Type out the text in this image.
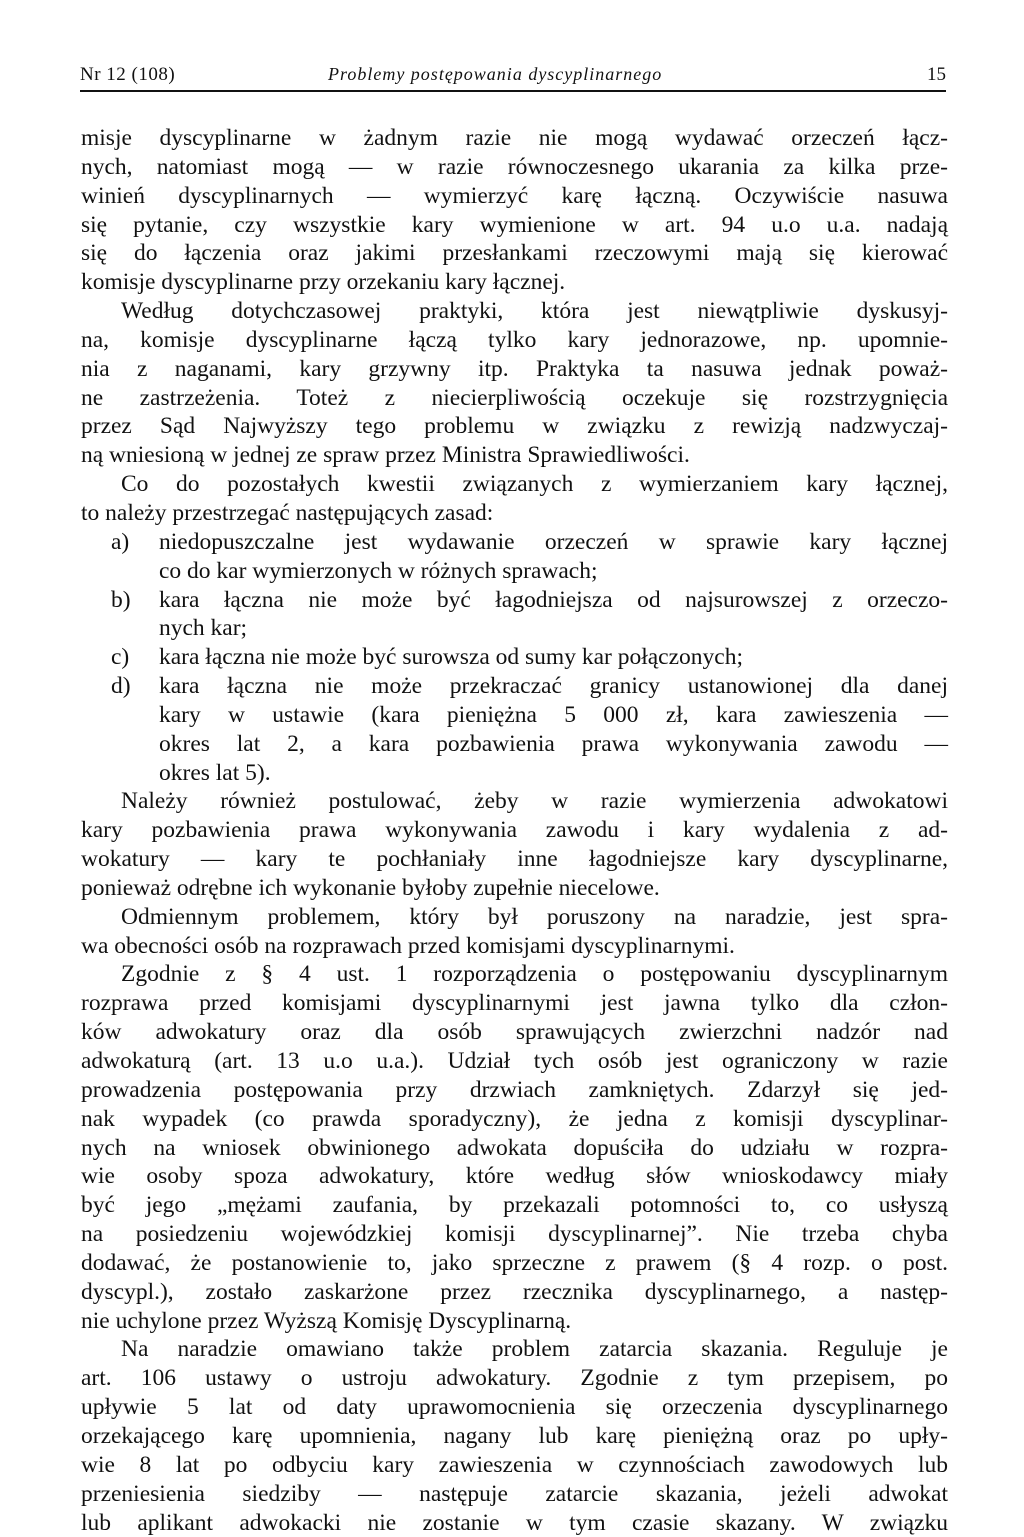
Nr 12 (108)	Problemy postępowania dyscyplinarnego	15
misje dyscyplinarne w żadnym razie nie mogą wydawać orzeczeń łącz-
nych, natomiast mogą — w razie równoczesnego ukarania za kilka prze-
winień dyscyplinarnych — wymierzyć karę łączną. Oczywiście nasuwa
się pytanie, czy wszystkie kary wymienione w art. 94 u.o u.a. nadają
się do łączenia oraz jakimi przesłankami rzeczowymi mają się kierować
komisje dyscyplinarne przy orzekaniu kary łącznej.
Według dotychczasowej praktyki, która jest niewątpliwie dyskusyj-
na, komisje dyscyplinarne łączą tylko kary jednorazowe, np. upomnie-
nia z naganami, kary grzywny itp. Praktyka ta nasuwa jednak poważ-
ne zastrzeżenia. Toteż z niecierpliwością oczekuje się rozstrzygnięcia
przez Sąd Najwyższy tego problemu w związku z rewizją nadzwyczaj-
ną wniesioną w jednej ze spraw przez Ministra Sprawiedliwości.
Co do pozostałych kwestii związanych z wymierzaniem kary łącznej,
to należy przestrzegać następujących zasad:
a) niedopuszczalne jest wydawanie orzeczeń w sprawie kary łącznej
co do kar wymierzonych w różnych sprawach;
b) kara łączna nie może być łagodniejsza od najsurowszej z orzeczo-
nych kar;
c) kara łączna nie może być surowsza od sumy kar połączonych;
d) kara łączna nie może przekraczać granicy ustanowionej dla danej
kary w ustawie (kara pieniężna 5 000 zł, kara zawieszenia —
okres lat 2, a kara pozbawienia prawa wykonywania zawodu —
okres lat 5).
Należy również postulować, żeby w razie wymierzenia adwokatowi
kary pozbawienia prawa wykonywania zawodu i kary wydalenia z ad-
wokatury — kary te pochłaniały inne łagodniejsze kary dyscyplinarne,
ponieważ odrębne ich wykonanie byłoby zupełnie niecelowe.
Odmiennym problemem, który był poruszony na naradzie, jest spra-
wa obecności osób na rozprawach przed komisjami dyscyplinarnymi.
Zgodnie z § 4 ust. 1 rozporządzenia o postępowaniu dyscyplinarnym
rozprawa przed komisjami dyscyplinarnymi jest jawna tylko dla człon-
ków adwokatury oraz dla osób sprawujących zwierzchni nadzór nad
adwokaturą (art. 13 u.o u.a.). Udział tych osób jest ograniczony w razie
prowadzenia postępowania przy drzwiach zamkniętych. Zdarzył się jed-
nak wypadek (co prawda sporadyczny), że jedna z komisji dyscyplinar-
nych na wniosek obwinionego adwokata dopuściła do udziału w rozpra-
wie osoby spoza adwokatury, które według słów wnioskodawcy miały
być jego „mężami zaufania, by przekazali potomności to, co usłyszą
na posiedzeniu wojewódzkiej komisji dyscyplinarnej”. Nie trzeba chyba
dodawać, że postanowienie to, jako sprzeczne z prawem (§ 4 rozp. o post.
dyscypl.), zostało zaskarżone przez rzecznika dyscyplinarnego, a następ-
nie uchylone przez Wyższą Komisję Dyscyplinarną.
Na naradzie omawiano także problem zatarcia skazania. Reguluje je
art. 106 ustawy o ustroju adwokatury. Zgodnie z tym przepisem, po
upływie 5 lat od daty uprawomocnienia się orzeczenia dyscyplinarnego
orzekającego karę upomnienia, nagany lub karę pieniężną oraz po upły-
wie 8 lat po odbyciu kary zawieszenia w czynnościach zawodowych lub
przeniesienia siedziby — następuje zatarcie skazania, jeżeli adwokat
lub aplikant adwokacki nie zostanie w tym czasie skazany. W związku
